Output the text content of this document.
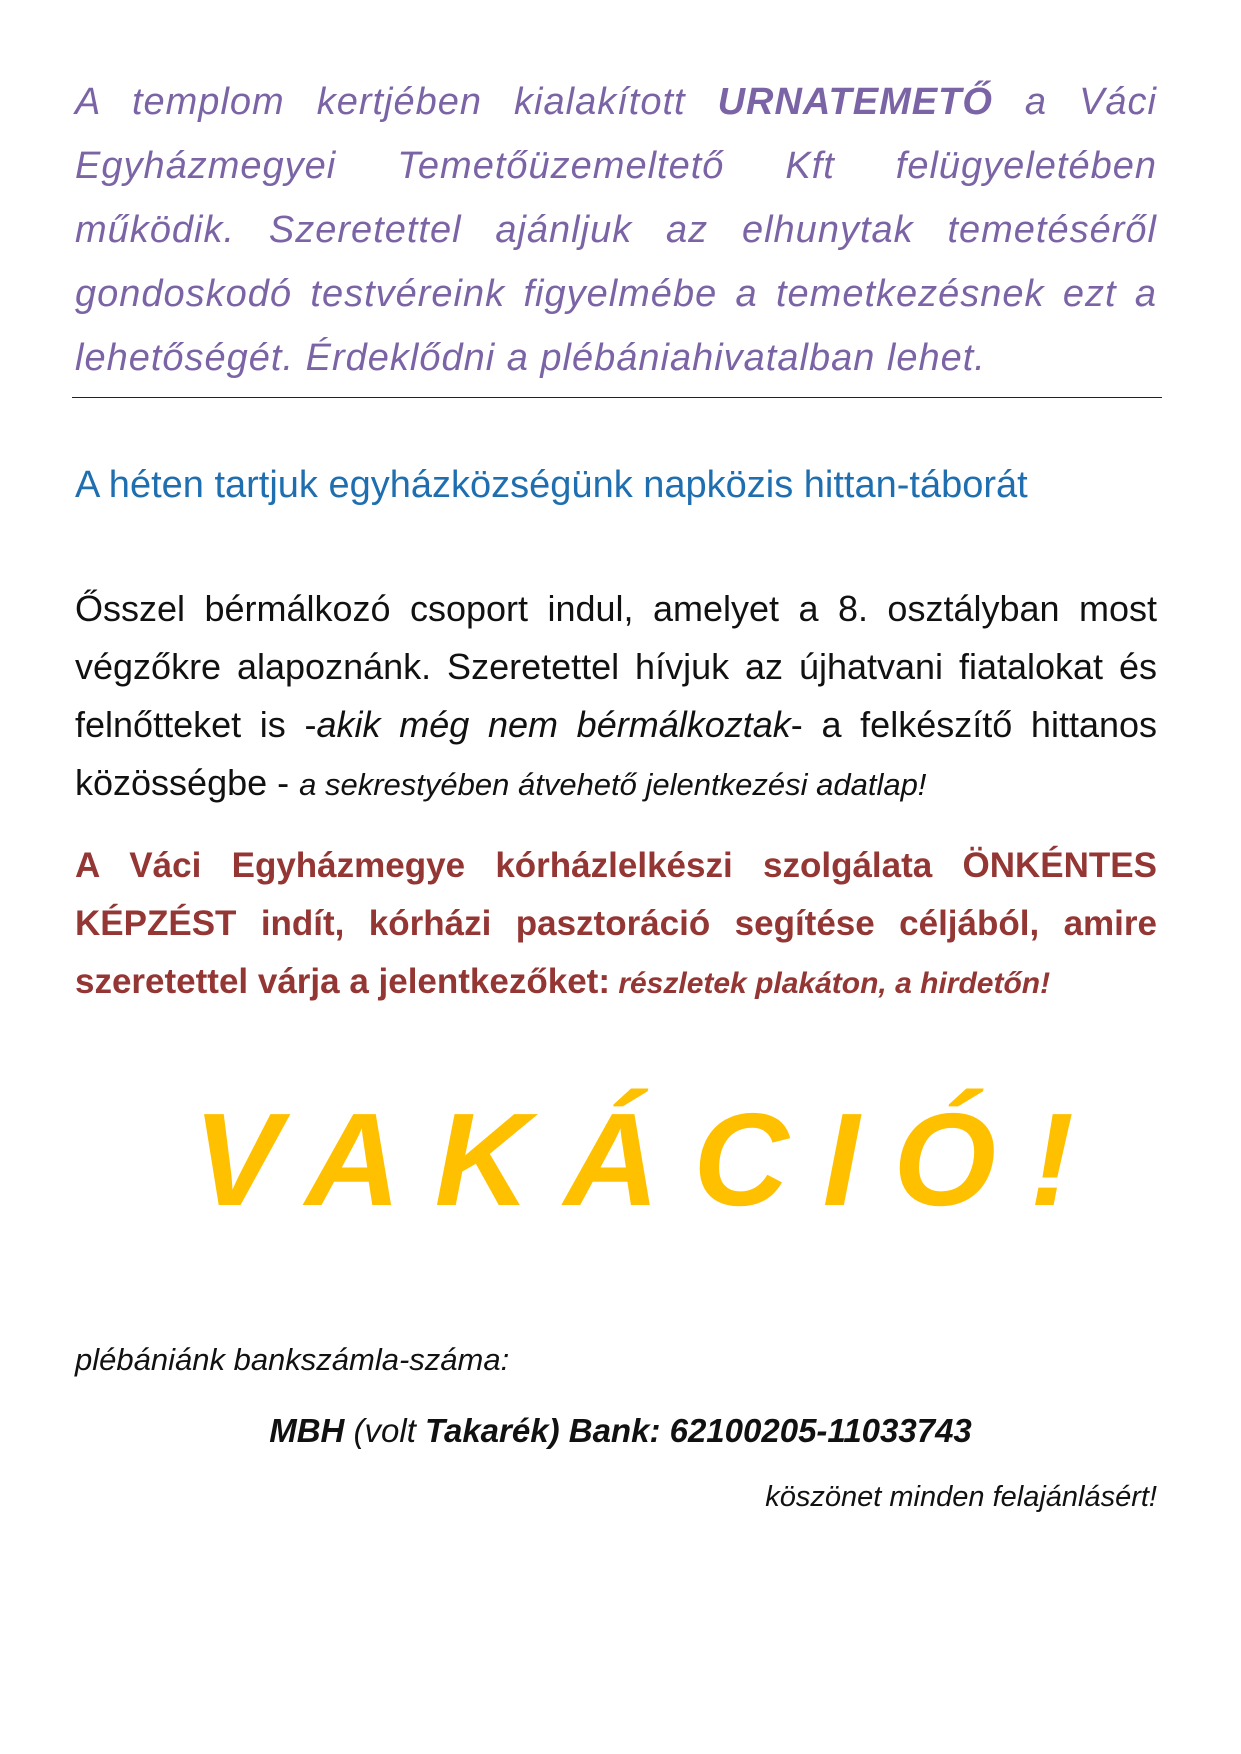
A templom kertjében kialakított URNATEMETŐ a Váci Egyházmegyei Temetőüzemeltető Kft felügyeletében működik. Szeretettel ajánljuk az elhunytak temetéséről gondoskodó testvéreink figyelmébe a temetkezésnek ezt a lehetőségét. Érdeklődni a plébániahivatalban lehet.

A héten tartjuk egyházközségünk napközis hittan-táborát

Ősszel bérmálkozó csoport indul, amelyet a 8. osztályban most végzőkre alapoznánk. Szeretettel hívjuk az újhatvani fiatalokat és felnőtteket is -akik még nem bérmálkoztak- a felkészítő hittanos közösségbe - a sekrestyében átvehető jelentkezési adatlap!

A Váci Egyházmegye kórházlelkészi szolgálata ÖNKÉNTES KÉPZÉST indít, kórházi pasztoráció segítése céljából, amire szeretettel várja a jelentkezőket: részletek plakáton, a hirdetőn!

VAKÁCIÓ!

plébániánk bankszámla-száma:

MBH (volt Takarék) Bank: 62100205-11033743

köszönet minden felajánlásért!
